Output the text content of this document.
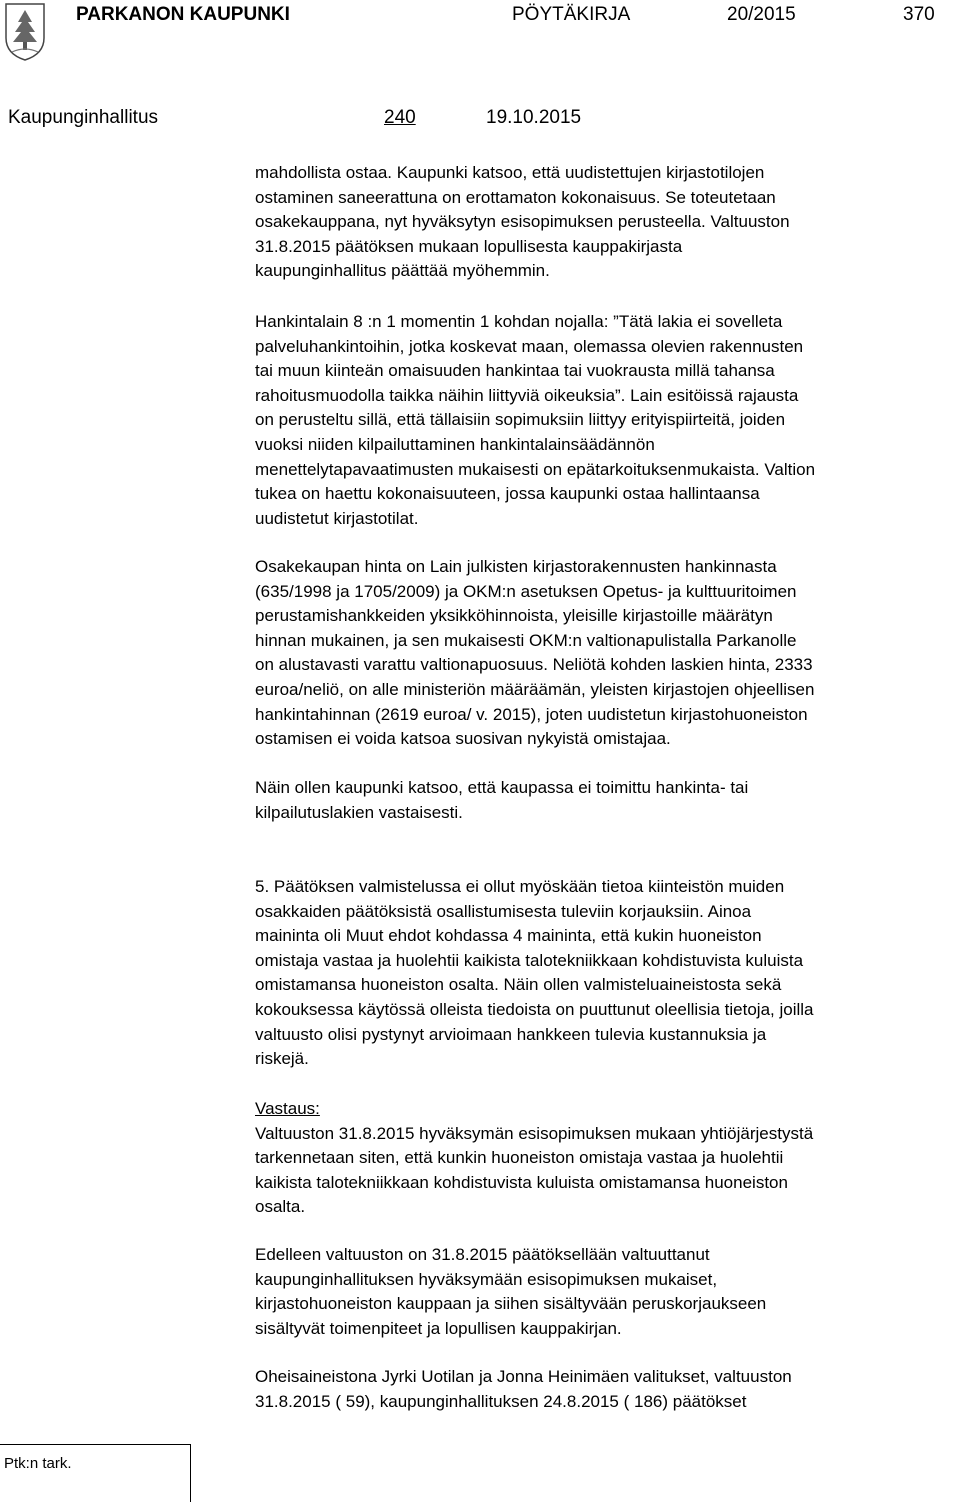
PARKANON KAUPUNKI	PÖYTÄKIRJA	20/2015	370
Kaupunginhallitus	240	19.10.2015
mahdollista ostaa. Kaupunki katsoo, että uudistettujen kirjastotilojen
ostaminen saneerattuna on erottamaton kokonaisuus. Se toteutetaan
osakekauppana, nyt hyväksytyn esisopimuksen perusteella. Valtuuston
31.8.2015 päätöksen mukaan lopullisesta kauppakirjasta
kaupunginhallitus päättää myöhemmin.
Hankintalain 8 :n 1 momentin 1 kohdan nojalla: ”Tätä lakia ei sovelleta
palveluhankintoihin, jotka koskevat maan, olemassa olevien rakennusten
tai muun kiinteän omaisuuden hankintaa tai vuokrausta millä tahansa
rahoitusmuodolla taikka näihin liittyviä oikeuksia”. Lain esitöissä rajausta
on perusteltu sillä, että tällaisiin sopimuksiin liittyy erityispiirteitä, joiden
vuoksi niiden kilpailuttaminen hankintalainsäädännön
menettelytapavaatimusten mukaisesti on epätarkoituksenmukaista. Valtion
tukea on haettu kokonaisuuteen, jossa kaupunki ostaa hallintaansa
uudistetut kirjastotilat.
Osakekaupan hinta on Lain julkisten kirjastorakennusten hankinnasta
(635/1998 ja 1705/2009) ja OKM:n asetuksen Opetus- ja kulttuuritoimen
perustamishankkeiden yksikköhinnoista, yleisille kirjastoille määrätyn
hinnan mukainen, ja sen mukaisesti OKM:n valtionapulistalla Parkanolle
on alustavasti varattu valtionapuosuus. Neliötä kohden laskien hinta, 2333
euroa/neliö, on alle ministeriön määräämän, yleisten kirjastojen ohjeellisen
hankintahinnan (2619 euroa/ v. 2015), joten uudistetun kirjastohuoneiston
ostamisen ei voida katsoa suosivan nykyistä omistajaa.
Näin ollen kaupunki katsoo, että kaupassa ei toimittu hankinta- tai
kilpailutuslakien vastaisesti.
5. Päätöksen valmistelussa ei ollut myöskään tietoa kiinteistön muiden
osakkaiden päätöksistä osallistumisesta tuleviin korjauksiin. Ainoa
maininta oli Muut ehdot kohdassa 4 maininta, että kukin huoneiston
omistaja vastaa ja huolehtii kaikista talotekniikkaan kohdistuvista kuluista
omistamansa huoneiston osalta. Näin ollen valmisteluaineistosta sekä
kokouksessa käytössä olleista tiedoista on puuttunut oleellisia tietoja, joilla
valtuusto olisi pystynyt arvioimaan hankkeen tulevia kustannuksia ja
riskejä.
Vastaus:
Valtuuston 31.8.2015 hyväksymän esisopimuksen mukaan yhtiöjärjestystä
tarkennetaan siten, että kunkin huoneiston omistaja vastaa ja huolehtii
kaikista talotekniikkaan kohdistuvista kuluista omistamansa huoneiston
osalta.
Edelleen valtuuston on 31.8.2015 päätöksellään valtuuttanut
kaupunginhallituksen hyväksymään esisopimuksen mukaiset,
kirjastohuoneiston kauppaan ja siihen sisältyvään peruskorjaukseen
sisältyvät toimenpiteet ja lopullisen kauppakirjan.
Oheisaineistona Jyrki Uotilan ja Jonna Heinimäen valitukset, valtuuston
31.8.2015 ( 59), kaupunginhallituksen 24.8.2015 ( 186) päätökset
Ptk:n tark.
